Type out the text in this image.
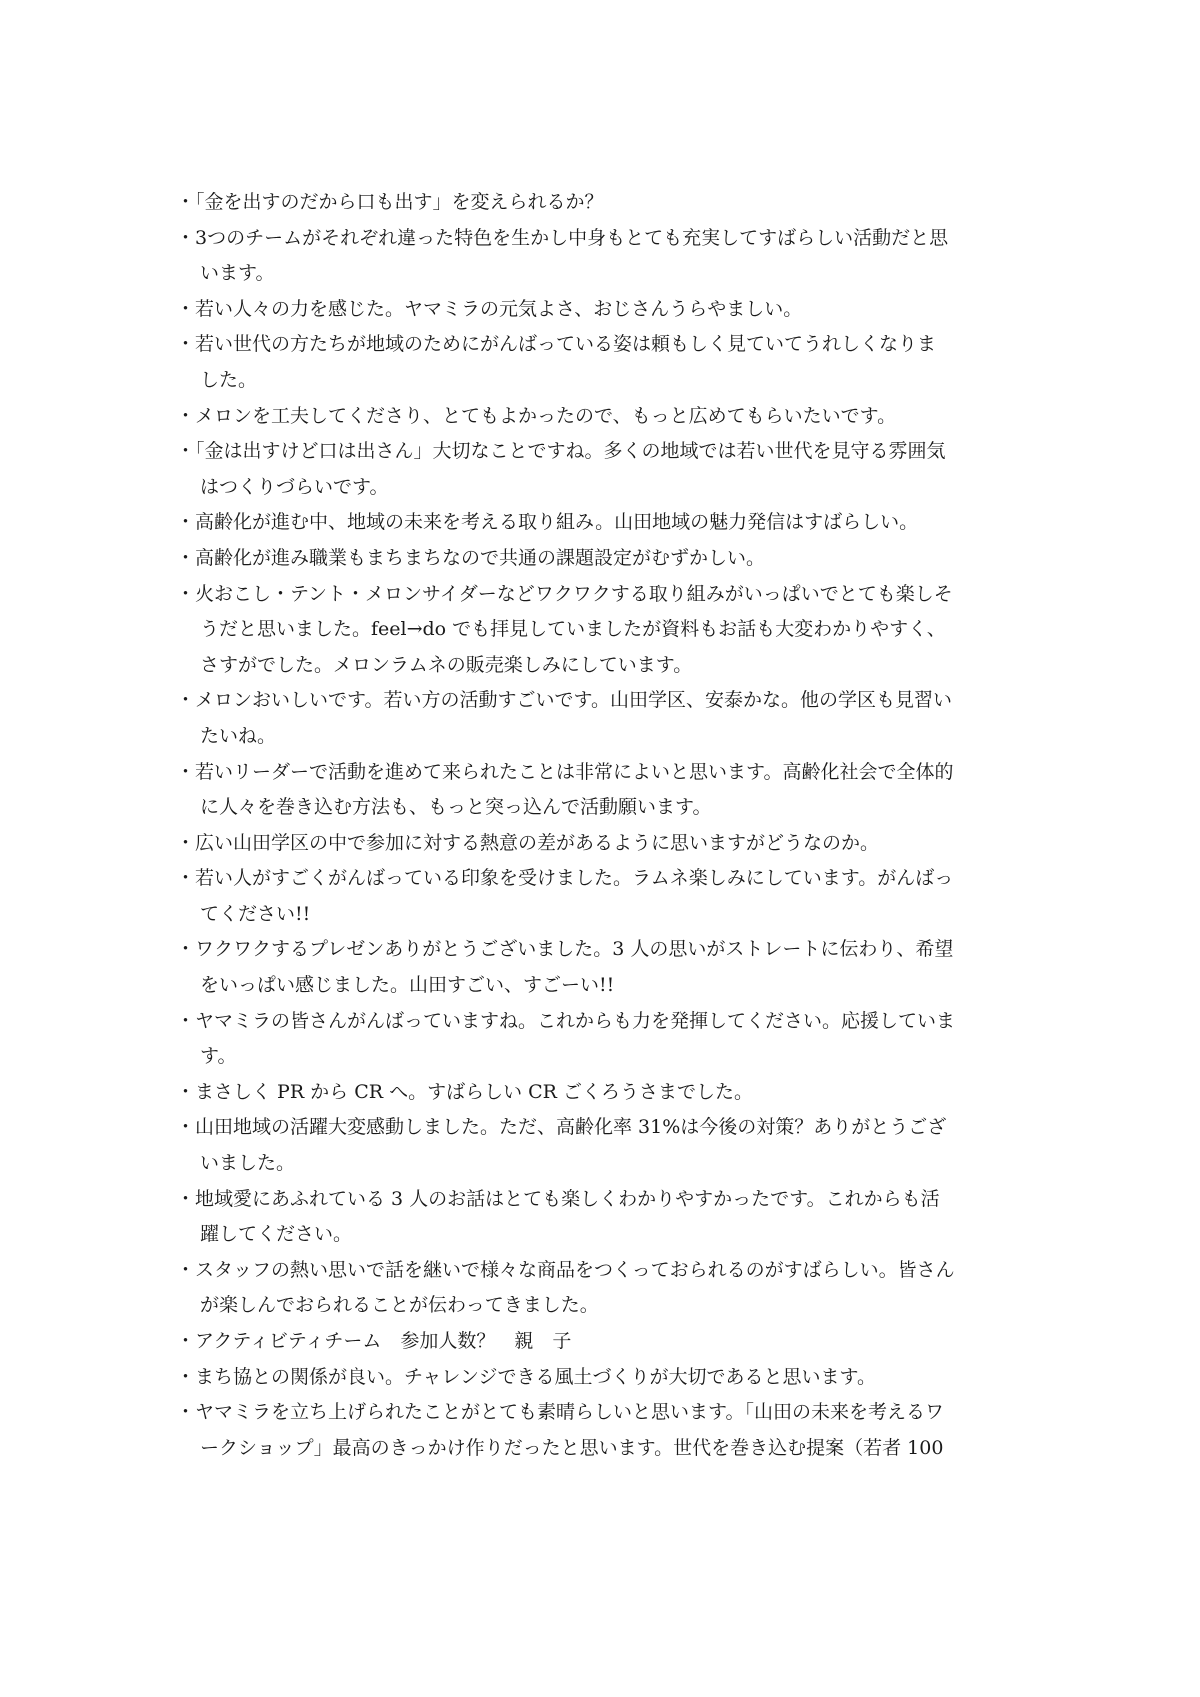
・「金を出すのだから口も出す」を変えられるか？
・3つのチームがそれぞれ違った特色を生かし中身もとても充実してすばらしい活動だと思
います。
・若い人々の力を感じた。ヤマミラの元気よさ、おじさんうらやましい。
・若い世代の方たちが地域のためにがんばっている姿は頼もしく見ていてうれしくなりま
した。
・メロンを工夫してくださり、とてもよかったので、もっと広めてもらいたいです。
・「金は出すけど口は出さん」大切なことですね。多くの地域では若い世代を見守る雰囲気
はつくりづらいです。
・高齢化が進む中、地域の未来を考える取り組み。山田地域の魅力発信はすばらしい。
・高齢化が進み職業もまちまちなので共通の課題設定がむずかしい。
・火おこし・テント・メロンサイダーなどワクワクする取り組みがいっぱいでとても楽しそ
うだと思いました。feel→do でも拝見していましたが資料もお話も大変わかりやすく、
さすがでした。メロンラムネの販売楽しみにしています。
・メロンおいしいです。若い方の活動すごいです。山田学区、安泰かな。他の学区も見習い
たいね。
・若いリーダーで活動を進めて来られたことは非常によいと思います。高齢化社会で全体的
に人々を巻き込む方法も、もっと突っ込んで活動願います。
・広い山田学区の中で参加に対する熱意の差があるように思いますがどうなのか。
・若い人がすごくがんばっている印象を受けました。ラムネ楽しみにしています。がんばっ
てください!!
・ワクワクするプレゼンありがとうございました。3 人の思いがストレートに伝わり、希望
をいっぱい感じました。山田すごい、すごーい!!
・ヤマミラの皆さんがんばっていますね。これからも力を発揮してください。応援していま
す。
・まさしく PR から CR へ。すばらしい CR ごくろうさまでした。
・山田地域の活躍大変感動しました。ただ、高齢化率 31%は今後の対策？ありがとうござ
いました。
・地域愛にあふれている 3 人のお話はとても楽しくわかりやすかったです。これからも活
躍してください。
・スタッフの熱い思いで話を継いで様々な商品をつくっておられるのがすばらしい。皆さん
が楽しんでおられることが伝わってきました。
・アクティビティチーム　参加人数？　親　子
・まち協との関係が良い。チャレンジできる風土づくりが大切であると思います。
・ヤマミラを立ち上げられたことがとても素晴らしいと思います。「山田の未来を考えるワ
ークショップ」最高のきっかけ作りだったと思います。世代を巻き込む提案（若者 100
